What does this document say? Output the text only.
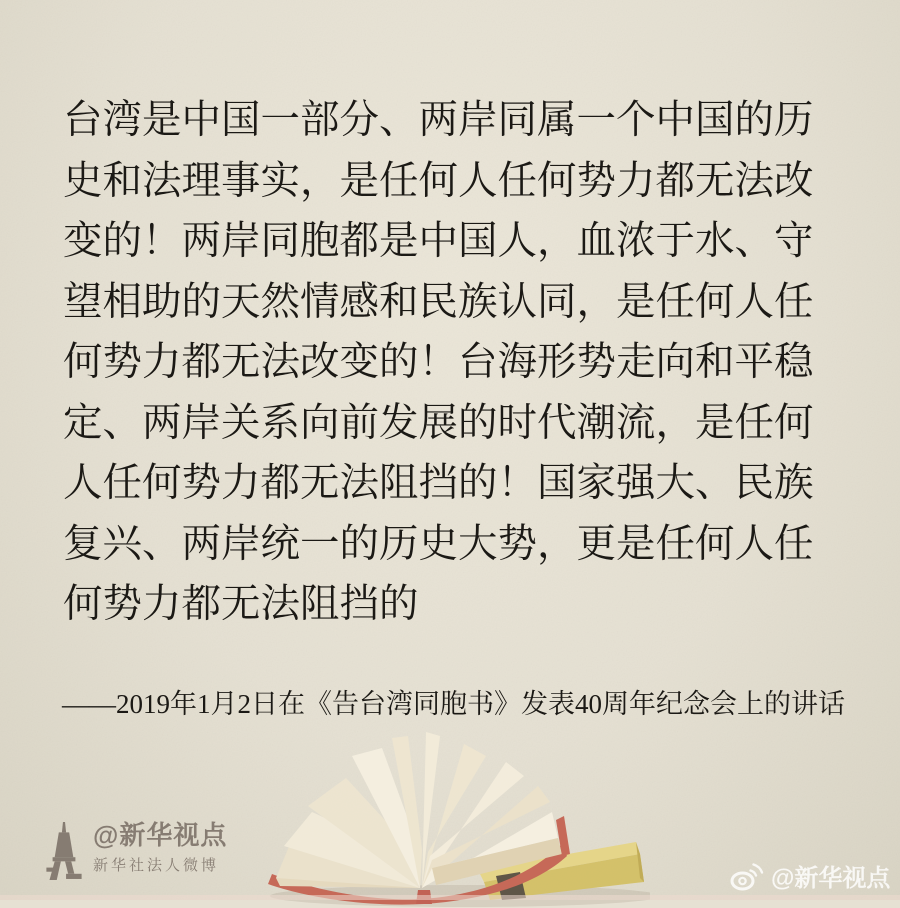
台湾是中国一部分、两岸同属一个中国的历
史和法理事实，是任何人任何势力都无法改
变的！两岸同胞都是中国人，血浓于水、守
望相助的天然情感和民族认同，是任何人任
何势力都无法改变的！台海形势走向和平稳
定、两岸关系向前发展的时代潮流，是任何
人任何势力都无法阻挡的！国家强大、民族
复兴、两岸统一的历史大势，更是任何人任
何势力都无法阻挡的
——2019年1月2日在《告台湾同胞书》发表40周年纪念会上的讲话
@新华视点
新华社法人微博	@新华视点
